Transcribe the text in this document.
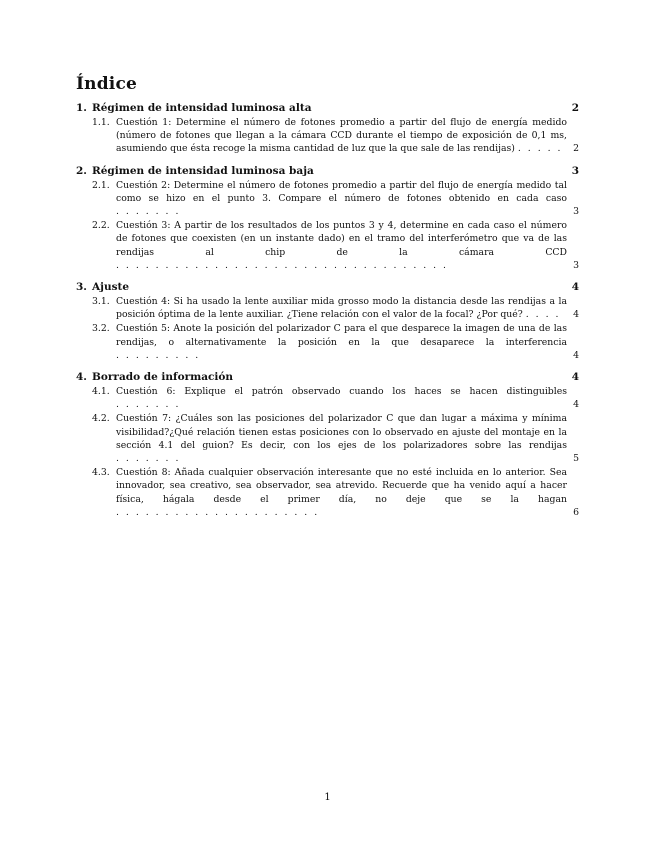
Índice
1. Régimen de intensidad luminosa alta	2
1.1. Cuestión 1: Determine el número de fotones promedio a partir del flujo de energía medido (número de fotones que llegan a la cámara CCD durante el tiempo de exposición de 0,1 ms, asumiendo que ésta recoge la misma cantidad de luz que la que sale de las rendijas) . . . . .	2
2. Régimen de intensidad luminosa baja	3
2.1. Cuestión 2: Determine el número de fotones promedio a partir del flujo de energía medido tal como se hizo en el punto 3. Compare el número de fotones obtenido en cada caso . . . . . . .	3
2.2. Cuestión 3: A partir de los resultados de los puntos 3 y 4, determine en cada caso el número de fotones que coexisten (en un instante dado) en el tramo del interferómetro que va de las rendijas al chip de la cámara CCD . . . . . . . . . . . . . . . . . . . . . . . . . . . . . . . . . .	3
3. Ajuste	4
3.1. Cuestión 4: Si ha usado la lente auxiliar mida grosso modo la distancia desde las rendijas a la posición óptima de la lente auxiliar. ¿Tiene relación con el valor de la focal? ¿Por qué? . . . .	4
3.2. Cuestión 5: Anote la posición del polarizador C para el que desparece la imagen de una de las rendijas, o alternativamente la posición en la que desaparece la interferencia . . . . . . . . .	4
4. Borrado de información	4
4.1. Cuestión 6: Explique el patrón observado cuando los haces se hacen distinguibles . . . . . . .	4
4.2. Cuestión 7: ¿Cuáles son las posiciones del polarizador C que dan lugar a máxima y mínima visibilidad?¿Qué relación tienen estas posiciones con lo observado en ajuste del montaje en la sección 4.1 del guion? Es decir, con los ejes de los polarizadores sobre las rendijas . . . . . . .	5
4.3. Cuestión 8: Añada cualquier observación interesante que no esté incluida en lo anterior. Sea innovador, sea creativo, sea observador, sea atrevido. Recuerde que ha venido aquí a hacer física, hágala desde el primer día, no deje que se la hagan . . . . . . . . . . . . . . . . . . . . .	6
1
